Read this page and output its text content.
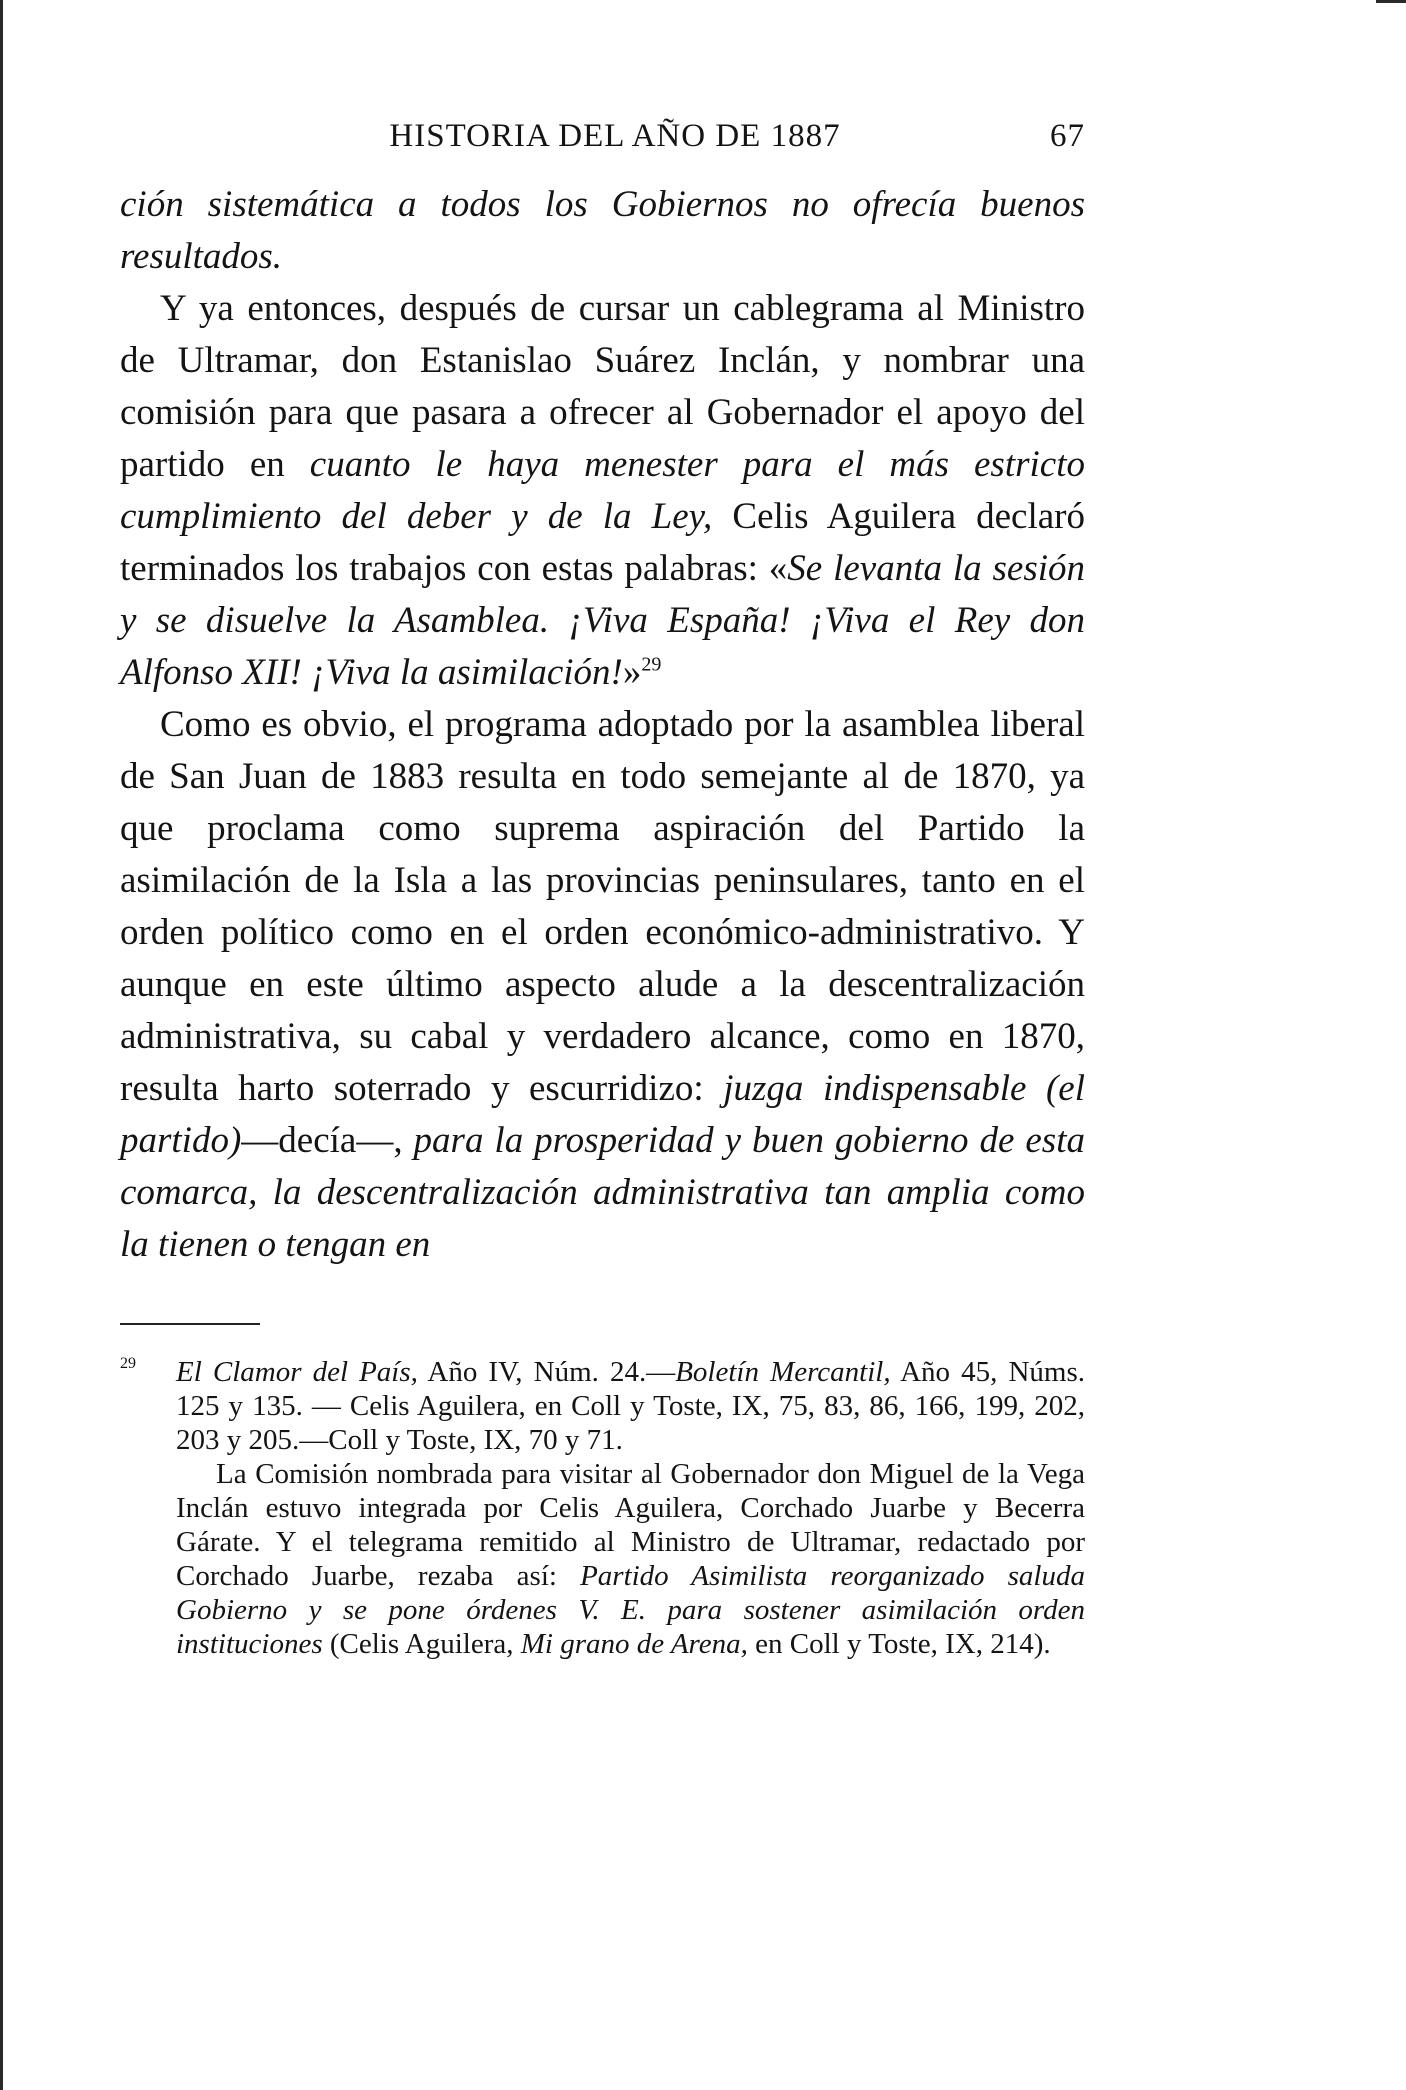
HISTORIA DEL AÑO DE 1887	67

ción sistemática a todos los Gobiernos no ofrecía buenos resultados.

Y ya entonces, después de cursar un cablegrama al Ministro de Ultramar, don Estanislao Suárez Inclán, y nombrar una comisión para que pasara a ofrecer al Gobernador el apoyo del partido en cuanto le haya menester para el más estricto cumplimiento del deber y de la Ley, Celis Aguilera declaró terminados los trabajos con estas palabras: «Se levanta la sesión y se disuelve la Asamblea. ¡Viva España! ¡Viva el Rey don Alfonso XII! ¡Viva la asimilación!»$^{29}$

Como es obvio, el programa adoptado por la asamblea liberal de San Juan de 1883 resulta en todo semejante al de 1870, ya que proclama como suprema aspiración del Partido la asimilación de la Isla a las provincias peninsulares, tanto en el orden político como en el orden económico-administrativo. Y aunque en este último aspecto alude a la descentralización administrativa, su cabal y verdadero alcance, como en 1870, resulta harto soterrado y escurridizo: juzga indispensable (el partido)—decía—, para la prosperidad y buen gobierno de esta comarca, la descentralización administrativa tan amplia como la tienen o tengan en

29	El Clamor del País, Año IV, Núm. 24.—Boletín Mercantil, Año 45, Núms. 125 y 135. — Celis Aguilera, en Coll y Toste, IX, 75, 83, 86, 166, 199, 202, 203 y 205.—Coll y Toste, IX, 70 y 71.

La Comisión nombrada para visitar al Gobernador don Miguel de la Vega Inclán estuvo integrada por Celis Aguilera, Corchado Juarbe y Becerra Gárate. Y el telegrama remitido al Ministro de Ultramar, redactado por Corchado Juarbe, rezaba así: Partido Asimilista reorganizado saluda Gobierno y se pone órdenes V. E. para sostener asimilación orden instituciones (Celis Aguilera, Mi grano de Arena, en Coll y Toste, IX, 214).
